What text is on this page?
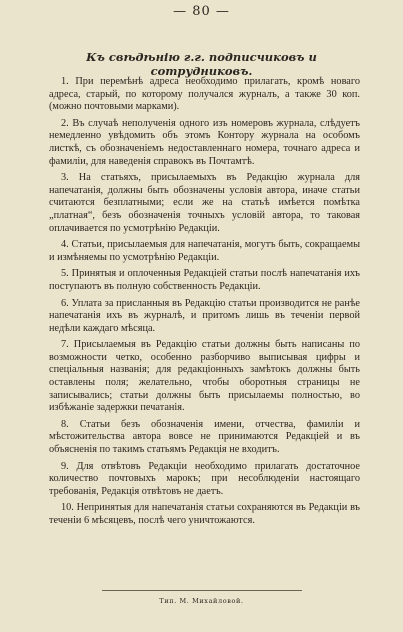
— 80 —
Къ свѣдѣнію г.г. подписчиковъ и сотрудниковъ.

1. При перемѣнѣ адреса необходимо прилагать, кромѣ новаго адреса, старый, по которому получался журналъ, а также 30 коп. (можно почтовыми марками).

2. Въ случаѣ неполученія одного изъ номеровъ журнала, слѣдуетъ немедленно увѣдомить объ этомъ Контору журнала на особомъ листкѣ, съ обозначеніемъ недоставленнаго номера, точнаго адреса и фамиліи, для наведенія справокъ въ Почтамтѣ.

3. На статьяхъ, присылаемыхъ въ Редакцію журнала для напечатанія, должны быть обозначены условія автора, иначе статьи считаются безплатными; если же на статьѣ имѣется помѣтка „платная“, безъ обозначенія точныхъ условій автора, то таковая оплачивается по усмотрѣнію Редакціи.

4. Статьи, присылаемыя для напечатанія, могутъ быть, сокращаемы и измѣняемы по усмотрѣнію Редакціи.

5. Принятыя и оплоченныя Редакціей статьи послѣ напечатанія ихъ поступаютъ въ полную собственность Редакціи.

6. Уплата за присланныя въ Редакцію статьи производится не ранѣе напечатанія ихъ въ журналѣ, и притомъ лишь въ теченіи первой недѣли каждаго мѣсяца.

7. Присылаемыя въ Редакцію статьи должны быть написаны по возможности четко, особенно разборчиво выписывая цифры и спеціальныя названія; для редакціонныхъ замѣтокъ должны быть оставлены поля; желательно, чтобы оборотныя страницы не записывались; статьи должны быть присылаемы полностью, во избѣжаніе задержки печатанія.

8. Статьи безъ обозначенія имени, отчества, фамиліи и мѣстожительства автора вовсе не принимаются Редакціей и въ объясненія по такимъ статьямъ Редакція не входитъ.

9. Для отвѣтовъ Редакціи необходимо прилагать достаточное количество почтовыхъ марокъ; при несоблюденіи настоящаго требованія, Редакція отвѣтовъ не даетъ.

10. Непринятыя для напечатанія статьи сохраняются въ Редакціи въ теченіи 6 мѣсяцевъ, послѣ чего уничтожаются.

Тип. М. Михайловой.
